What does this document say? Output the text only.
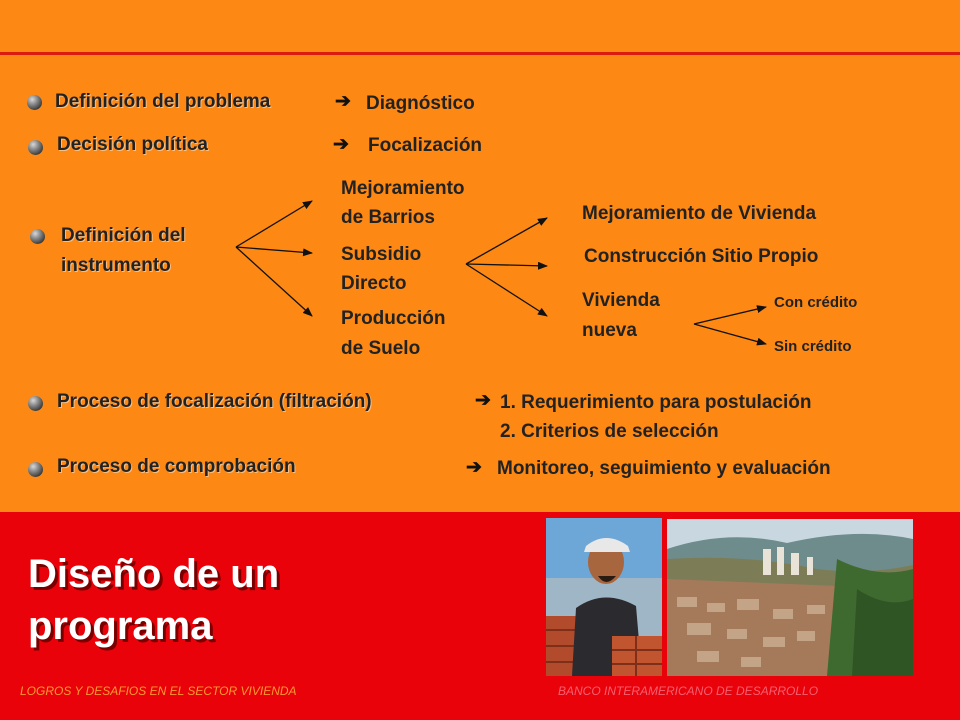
Definición del problema	➔ Diagnóstico
Decisión política	➔ Focalización
Definición del
instrumento
Mejoramiento
de Barrios
Subsidio
Directo
Producción
de Suelo
Mejoramiento de Vivienda
Construcción Sitio Propio
Vivienda
nueva
Con crédito
Sin crédito
Proceso de focalización (filtración)	➔ 1. Requerimiento para postulación
2. Criterios de selección
Proceso de comprobación	➔ Monitoreo, seguimiento y evaluación
Diseño de un
programa
LOGROS Y DESAFIOS EN EL SECTOR VIVIENDA	BANCO INTERAMERICANO DE DESARROLLO
